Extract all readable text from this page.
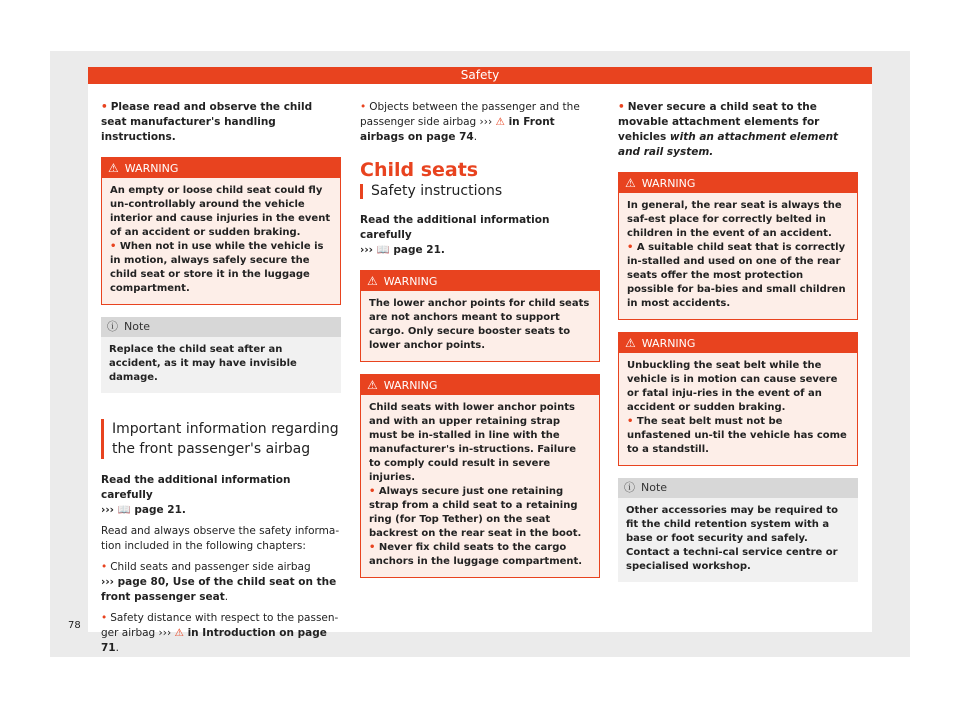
Safety
• Please read and observe the child seat manufacturer's handling instructions.
⚠ WARNING
An empty or loose child seat could fly un-controllably around the vehicle interior and cause injuries in the event of an accident or sudden braking.
• When not in use while the vehicle is in motion, always safely secure the child seat or store it in the luggage compartment.
ⓘ Note
Replace the child seat after an accident, as it may have invisible damage.
Important information regarding the front passenger's airbag
Read the additional information carefully
››› 📖 page 21.
Read and always observe the safety informa-tion included in the following chapters:
• Child seats and passenger side airbag
››› page 80, Use of the child seat on the front passenger seat.
• Safety distance with respect to the passen-ger airbag ››› ⚠ in Introduction on page 71.
• Objects between the passenger and the passenger side airbag ››› ⚠ in Front airbags on page 74.
Child seats
Safety instructions
Read the additional information carefully
››› 📖 page 21.
⚠ WARNING
The lower anchor points for child seats are not anchors meant to support cargo. Only secure booster seats to lower anchor points.
⚠ WARNING
Child seats with lower anchor points and with an upper retaining strap must be in-stalled in line with the manufacturer's in-structions. Failure to comply could result in severe injuries.
• Always secure just one retaining strap from a child seat to a retaining ring (for Top Tether) on the seat backrest on the rear seat in the boot.
• Never fix child seats to the cargo anchors in the luggage compartment.
• Never secure a child seat to the movable attachment elements for vehicles with an attachment element and rail system.
⚠ WARNING
In general, the rear seat is always the saf-est place for correctly belted in children in the event of an accident.
• A suitable child seat that is correctly in-stalled and used on one of the rear seats offer the most protection possible for ba-bies and small children in most accidents.
⚠ WARNING
Unbuckling the seat belt while the vehicle is in motion can cause severe or fatal inju-ries in the event of an accident or sudden braking.
• The seat belt must not be unfastened un-til the vehicle has come to a standstill.
ⓘ Note
Other accessories may be required to fit the child retention system with a base or foot security and safely. Contact a techni-cal service centre or specialised workshop.
78
